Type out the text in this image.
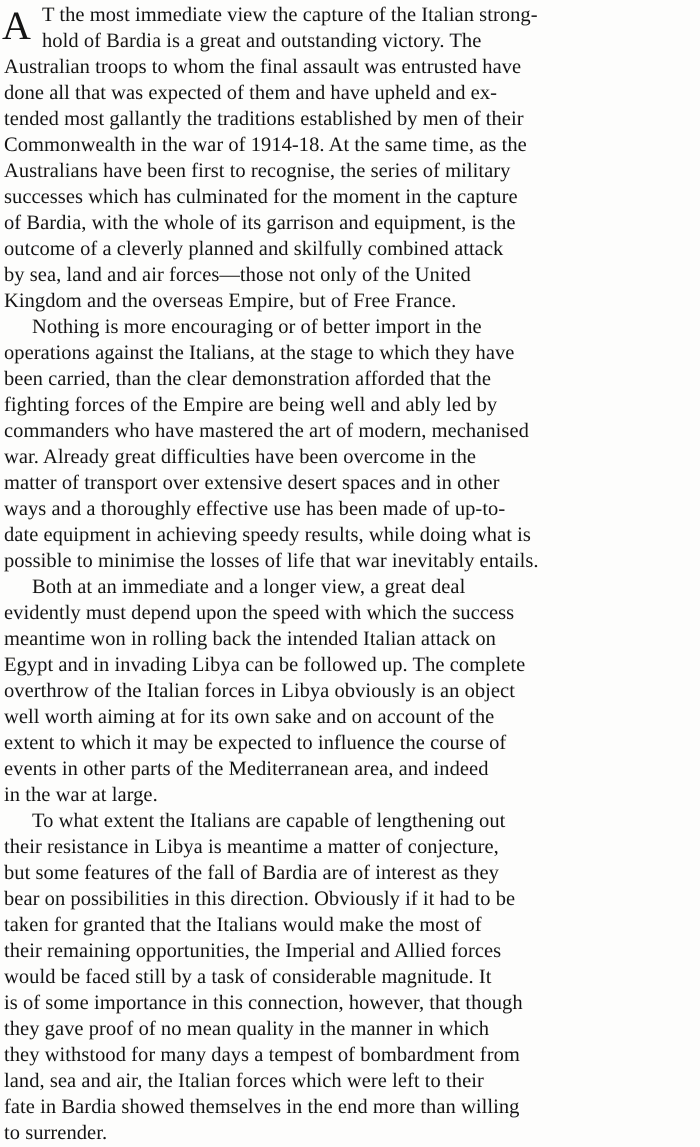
A T the most immediate view the capture of the Italian strong-
hold of Bardia is a great and outstanding victory. The
Australian troops to whom the final assault was entrusted have
done all that was expected of them and have upheld and ex-
tended most gallantly the traditions established by men of their
Commonwealth in the war of 1914-18. At the same time, as the
Australians have been first to recognise, the series of military
successes which has culminated for the moment in the capture
of Bardia, with the whole of its garrison and equipment, is the
outcome of a cleverly planned and skilfully combined attack
by sea, land and air forces—those not only of the United
Kingdom and the overseas Empire, but of Free France.
Nothing is more encouraging or of better import in the
operations against the Italians, at the stage to which they have
been carried, than the clear demonstration afforded that the
fighting forces of the Empire are being well and ably led by
commanders who have mastered the art of modern, mechanised
war. Already great difficulties have been overcome in the
matter of transport over extensive desert spaces and in other
ways and a thoroughly effective use has been made of up-to-
date equipment in achieving speedy results, while doing what is
possible to minimise the losses of life that war inevitably entails.
Both at an immediate and a longer view, a great deal
evidently must depend upon the speed with which the success
meantime won in rolling back the intended Italian attack on
Egypt and in invading Libya can be followed up. The complete
overthrow of the Italian forces in Libya obviously is an object
well worth aiming at for its own sake and on account of the
extent to which it may be expected to influence the course of
events in other parts of the Mediterranean area, and indeed
in the war at large.
To what extent the Italians are capable of lengthening out
their resistance in Libya is meantime a matter of conjecture,
but some features of the fall of Bardia are of interest as they
bear on possibilities in this direction. Obviously if it had to be
taken for granted that the Italians would make the most of
their remaining opportunities, the Imperial and Allied forces
would be faced still by a task of considerable magnitude. It
is of some importance in this connection, however, that though
they gave proof of no mean quality in the manner in which
they withstood for many days a tempest of bombardment from
land, sea and air, the Italian forces which were left to their
fate in Bardia showed themselves in the end more than willing
to surrender.
